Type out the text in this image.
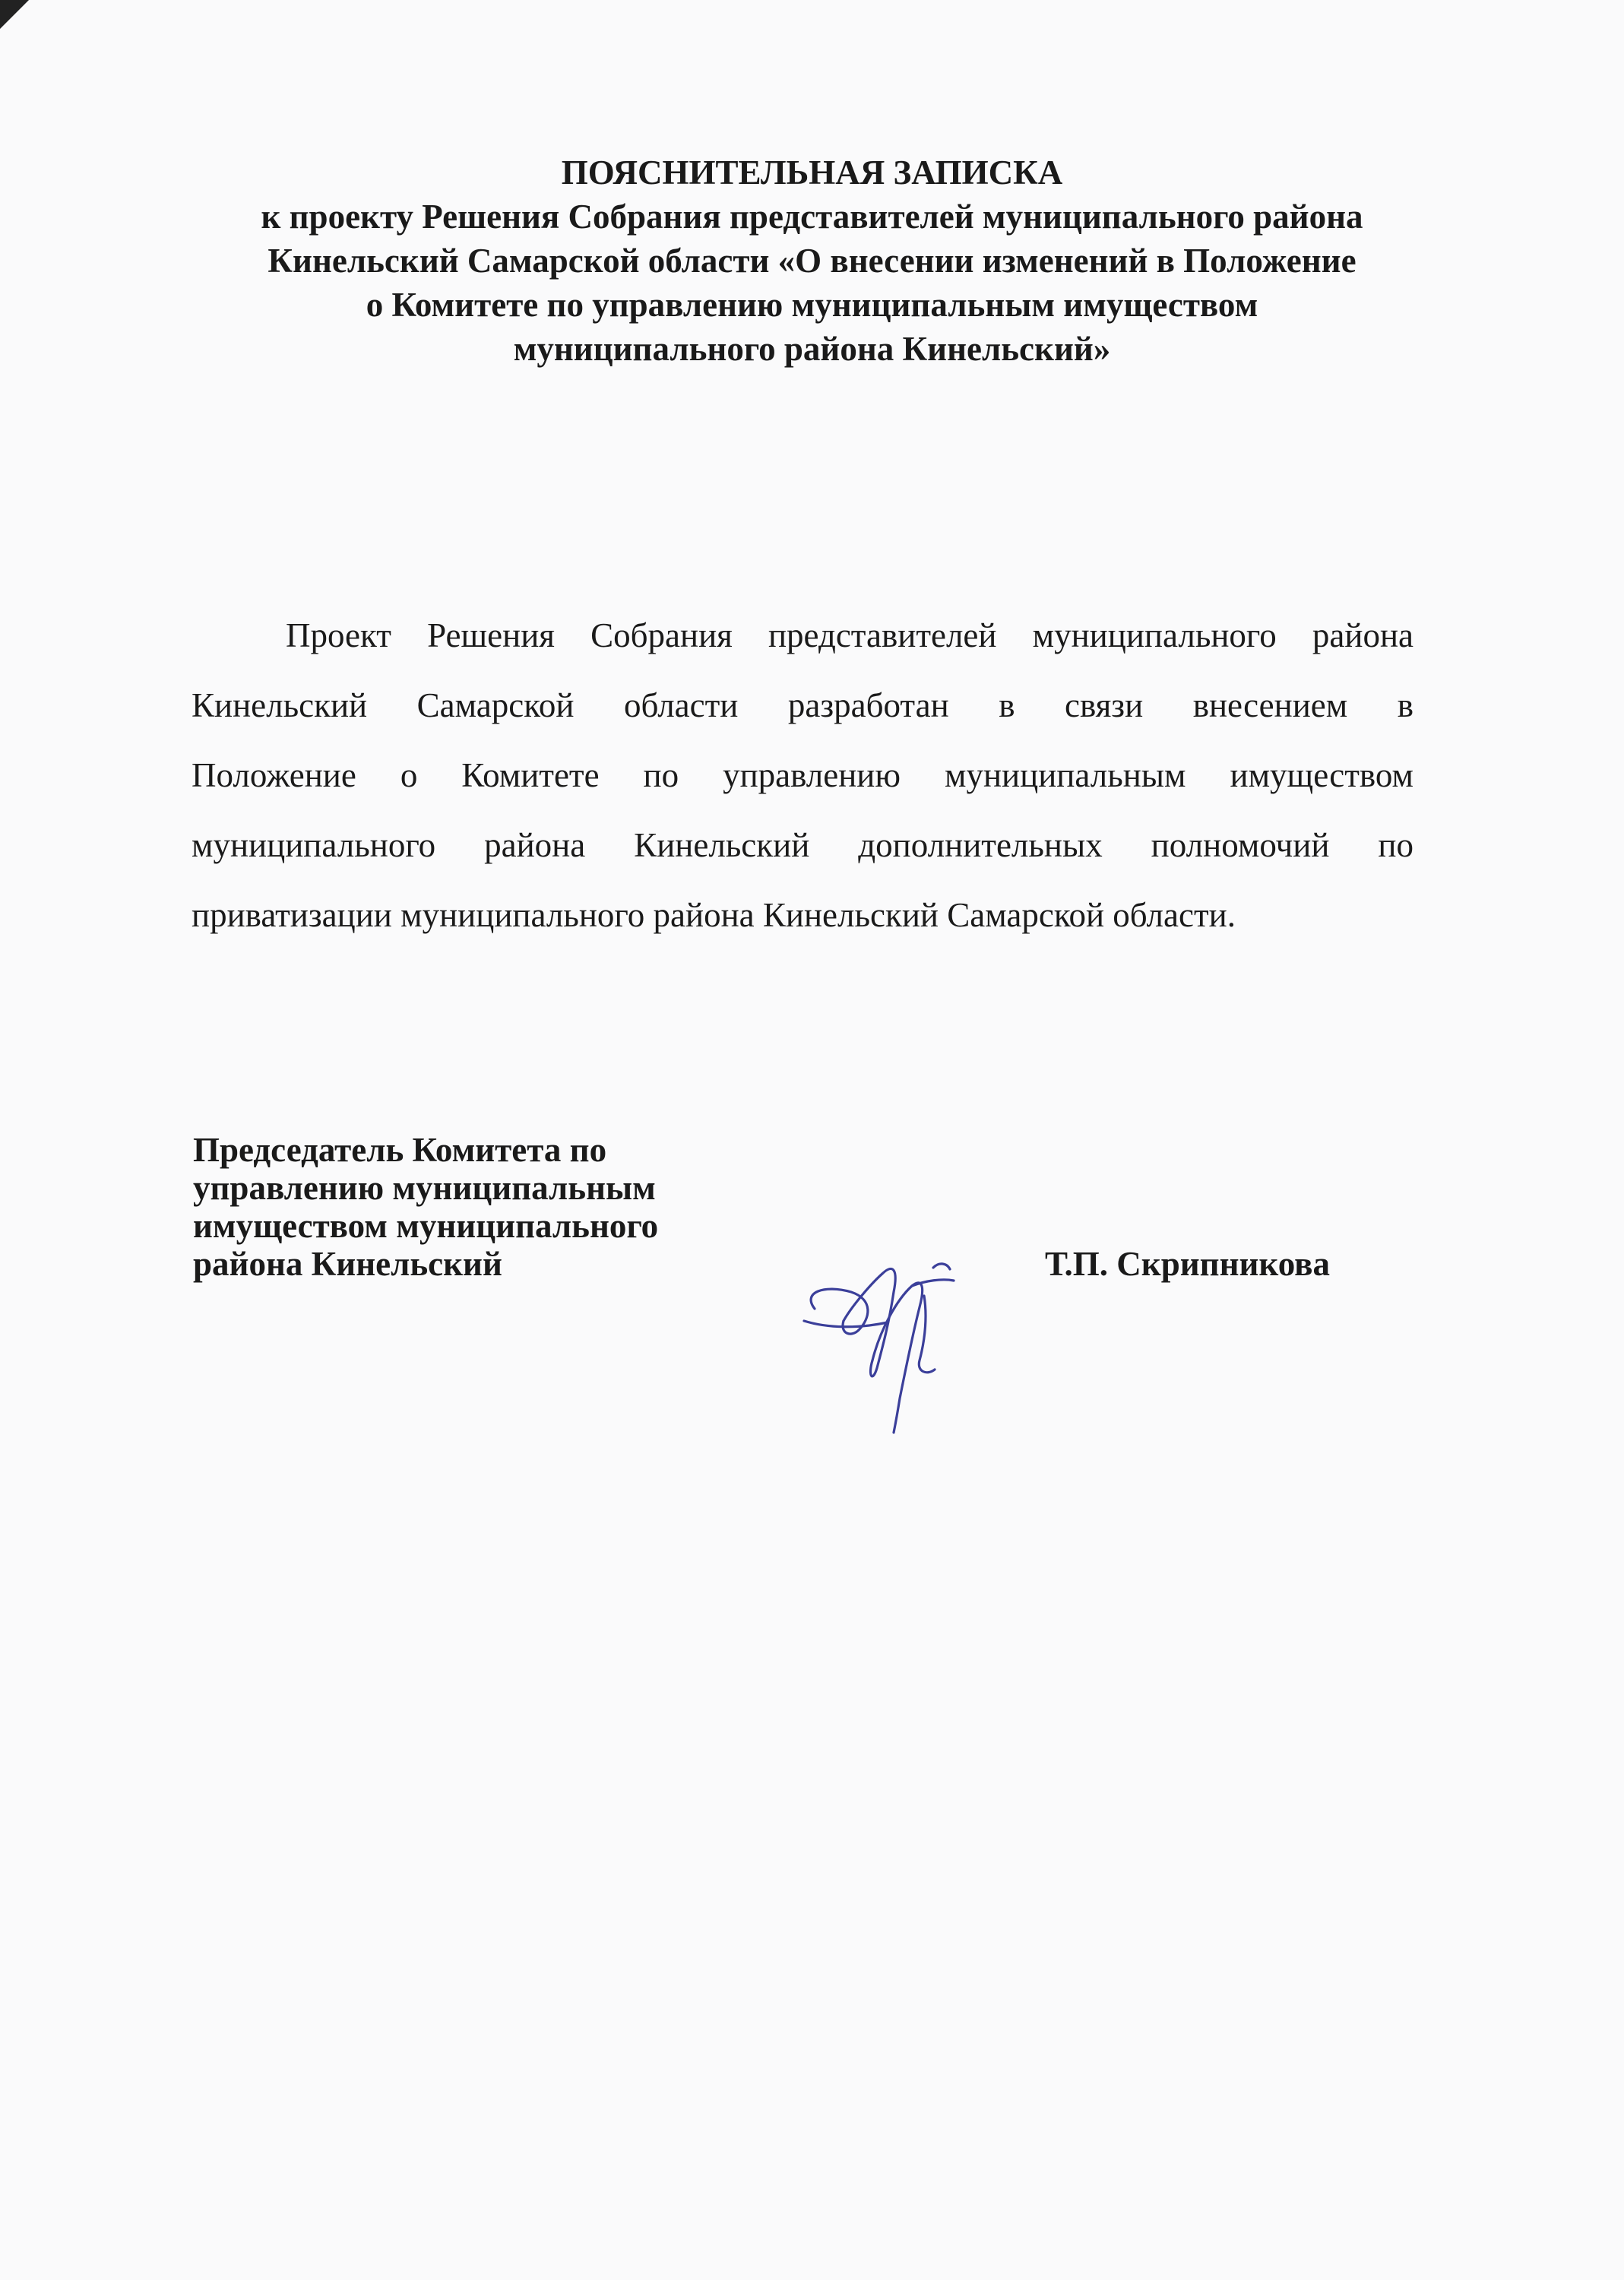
ПОЯСНИТЕЛЬНАЯ ЗАПИСКА
к проекту Решения Собрания представителей муниципального района
Кинельский Самарской области «О внесении изменений в Положение
о Комитете по управлению муниципальным имуществом
муниципального района Кинельский»
Проект Решения Собрания представителей муниципального района
Кинельский Самарской области разработан в связи внесением в
Положение о Комитете по управлению муниципальным имуществом
муниципального района Кинельский дополнительных полномочий по
приватизации муниципального района Кинельский Самарской области.
Председатель Комитета по
управлению муниципальным
имуществом муниципального
района Кинельский	Т.П. Скрипникова
